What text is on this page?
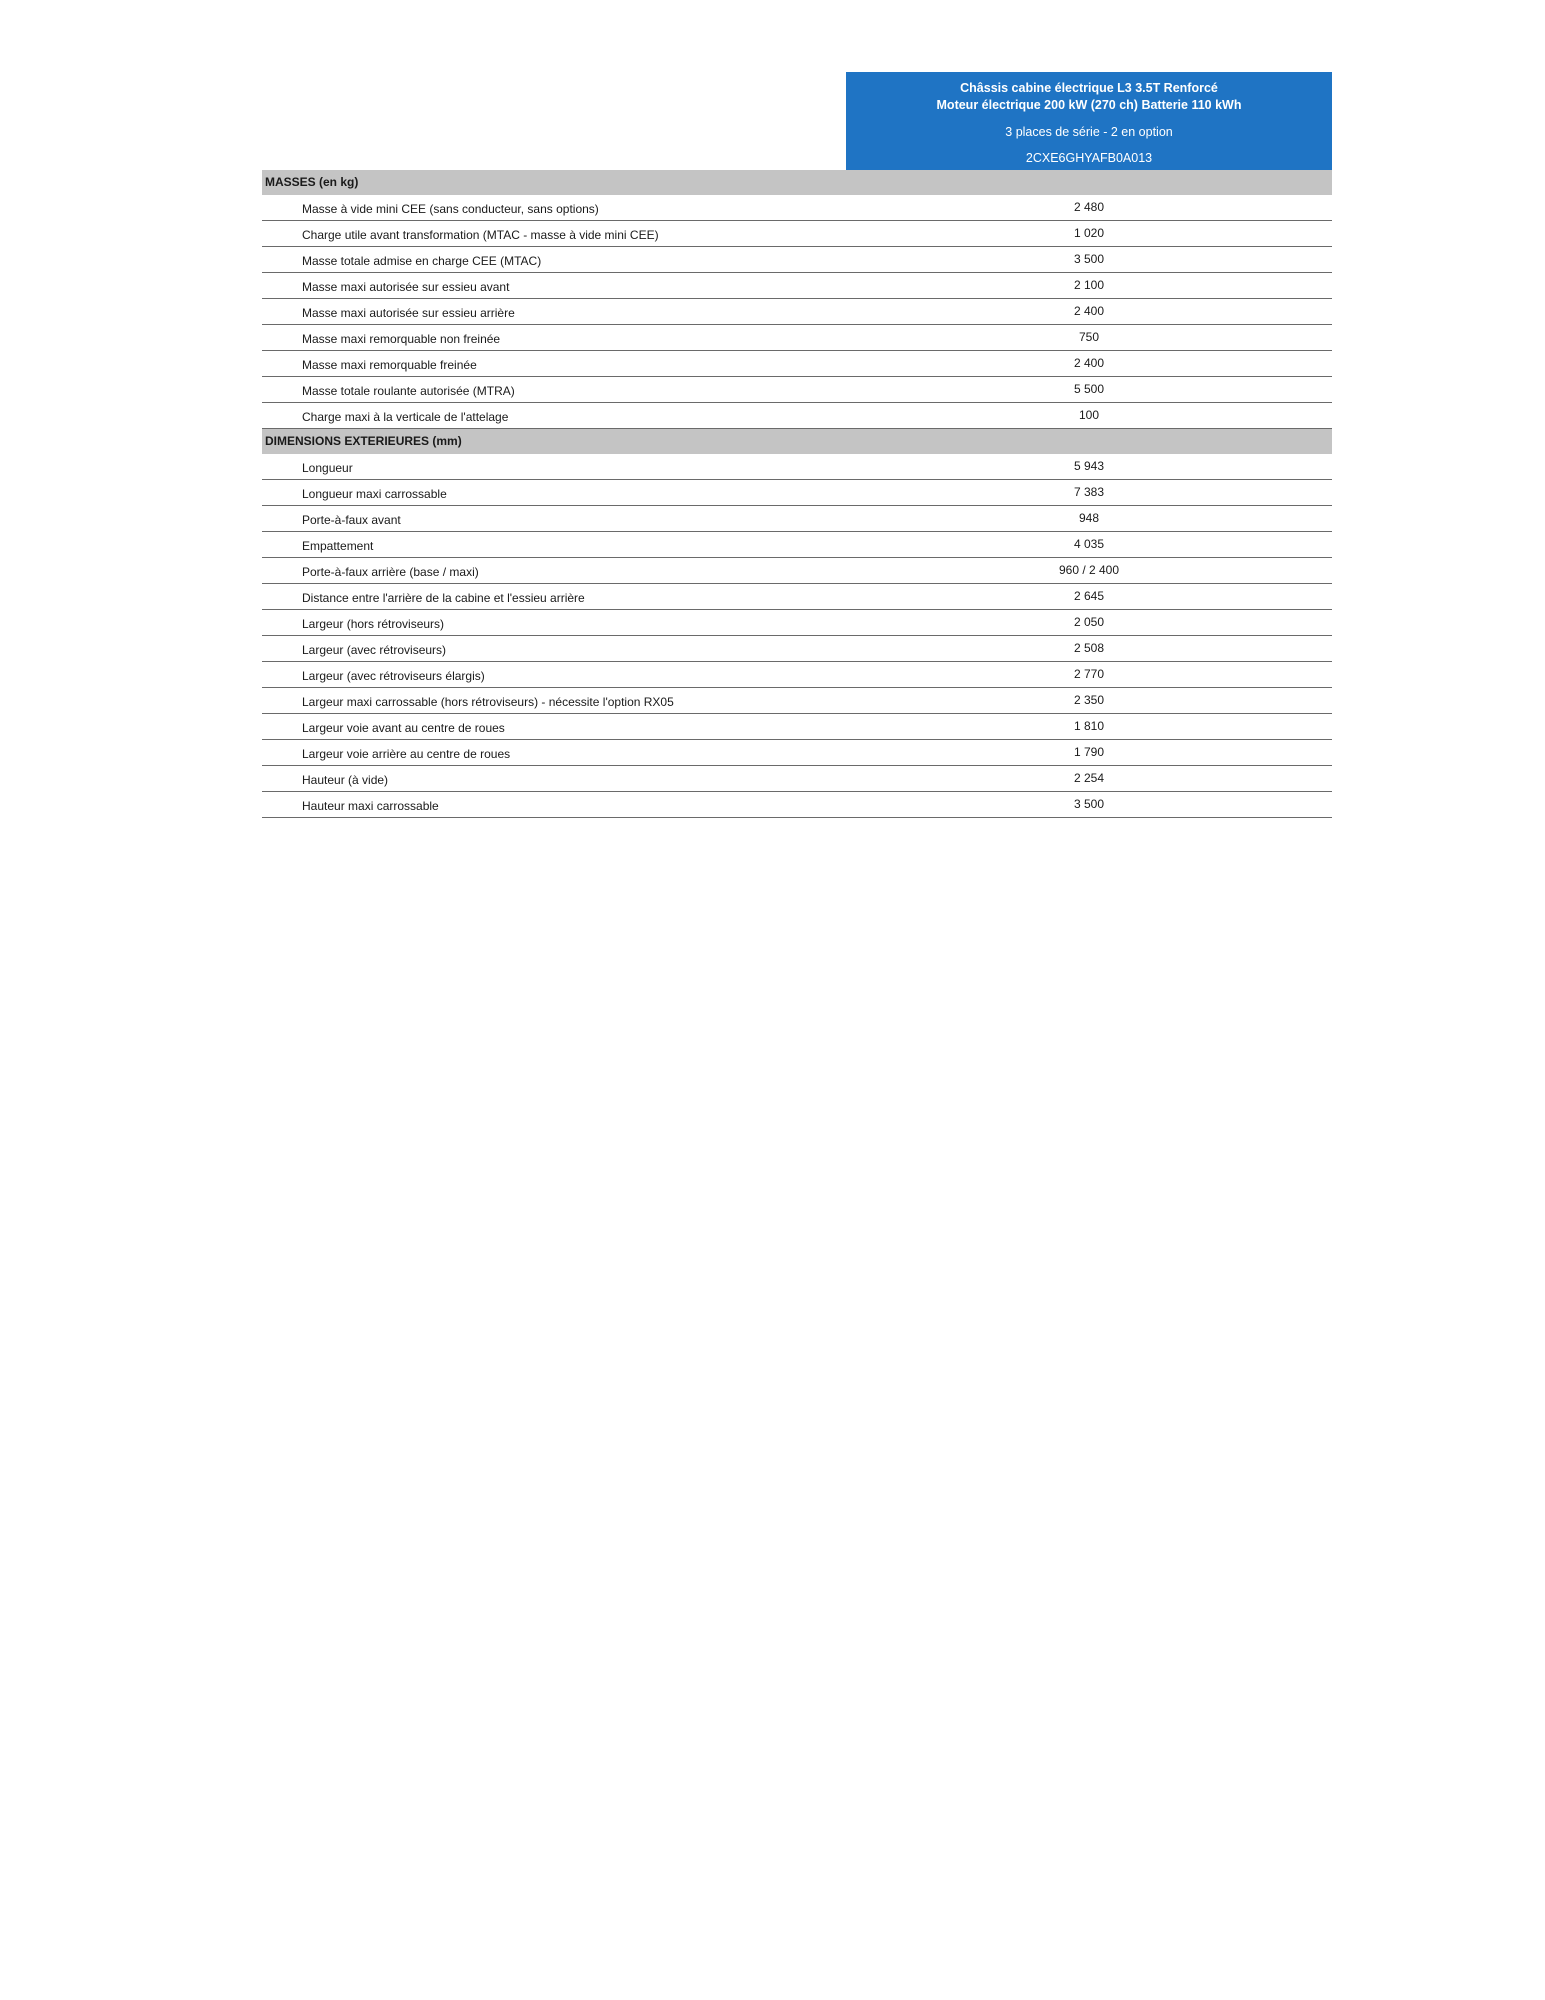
Châssis cabine électrique L3 3.5T Renforcé
Moteur électrique 200 kW (270 ch) Batterie 110 kWh
3 places de série - 2 en option
2CXE6GHYAFB0A013
MASSES (en kg)
Masse à vide mini CEE (sans conducteur, sans options)	2 480
Charge utile avant transformation (MTAC - masse à vide mini CEE)	1 020
Masse totale admise en charge CEE (MTAC)	3 500
Masse maxi autorisée sur essieu avant	2 100
Masse maxi autorisée sur essieu arrière	2 400
Masse maxi remorquable non freinée	750
Masse maxi remorquable freinée	2 400
Masse totale roulante autorisée (MTRA)	5 500
Charge maxi à la verticale de l'attelage	100
DIMENSIONS EXTERIEURES (mm)
Longueur	5 943
Longueur maxi carrossable	7 383
Porte-à-faux avant	948
Empattement	4 035
Porte-à-faux arrière (base / maxi)	960 / 2 400
Distance entre l'arrière de la cabine et l'essieu arrière	2 645
Largeur (hors rétroviseurs)	2 050
Largeur (avec rétroviseurs)	2 508
Largeur (avec rétroviseurs élargis)	2 770
Largeur maxi carrossable (hors rétroviseurs) - nécessite l'option RX05	2 350
Largeur voie avant au centre de roues	1 810
Largeur voie arrière au centre de roues	1 790
Hauteur (à vide)	2 254
Hauteur maxi carrossable	3 500
